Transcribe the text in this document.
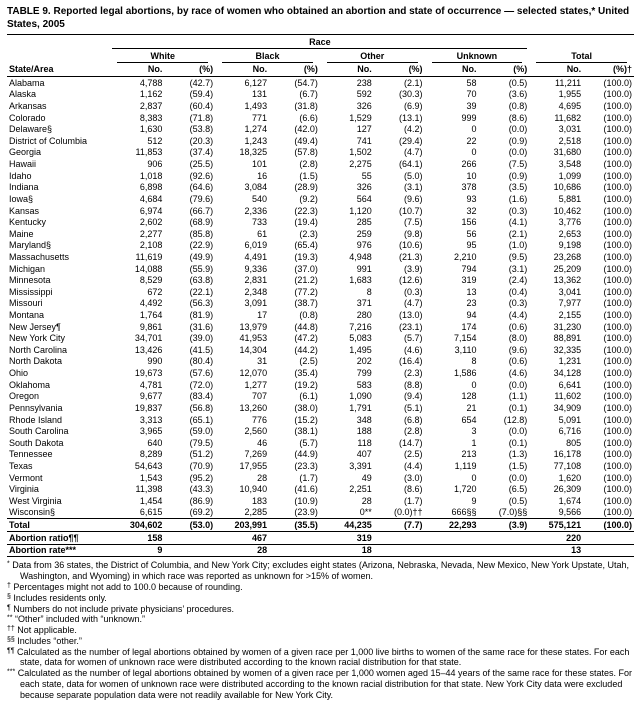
TABLE 9. Reported legal abortions, by race of women who obtained an abortion and state of occurrence — selected states,* United States, 2005

	Race									

	White		Black		Other		Unknown		Total	

State/Area	No.	(%)	No.	(%)	No.	(%)	No.	(%)	No.	(%)†
Alabama	4,788	(42.7)	6,127	(54.7)	238	(2.1)	58	(0.5)	11,211	(100.0)
Alaska	1,162	(59.4)	131	(6.7)	592	(30.3)	70	(3.6)	1,955	(100.0)
Arkansas	2,837	(60.4)	1,493	(31.8)	326	(6.9)	39	(0.8)	4,695	(100.0)
Colorado	8,383	(71.8)	771	(6.6)	1,529	(13.1)	999	(8.6)	11,682	(100.0)
Delaware§	1,630	(53.8)	1,274	(42.0)	127	(4.2)	0	(0.0)	3,031	(100.0)
District of Columbia	512	(20.3)	1,243	(49.4)	741	(29.4)	22	(0.9)	2,518	(100.0)
Georgia	11,853	(37.4)	18,325	(57.8)	1,502	(4.7)	0	(0.0)	31,680	(100.0)
Hawaii	906	(25.5)	101	(2.8)	2,275	(64.1)	266	(7.5)	3,548	(100.0)
Idaho	1,018	(92.6)	16	(1.5)	55	(5.0)	10	(0.9)	1,099	(100.0)
Indiana	6,898	(64.6)	3,084	(28.9)	326	(3.1)	378	(3.5)	10,686	(100.0)
Iowa§	4,684	(79.6)	540	(9.2)	564	(9.6)	93	(1.6)	5,881	(100.0)
Kansas	6,974	(66.7)	2,336	(22.3)	1,120	(10.7)	32	(0.3)	10,462	(100.0)
Kentucky	2,602	(68.9)	733	(19.4)	285	(7.5)	156	(4.1)	3,776	(100.0)
Maine	2,277	(85.8)	61	(2.3)	259	(9.8)	56	(2.1)	2,653	(100.0)
Maryland§	2,108	(22.9)	6,019	(65.4)	976	(10.6)	95	(1.0)	9,198	(100.0)
Massachusetts	11,619	(49.9)	4,491	(19.3)	4,948	(21.3)	2,210	(9.5)	23,268	(100.0)
Michigan	14,088	(55.9)	9,336	(37.0)	991	(3.9)	794	(3.1)	25,209	(100.0)
Minnesota	8,529	(63.8)	2,831	(21.2)	1,683	(12.6)	319	(2.4)	13,362	(100.0)
Mississippi	672	(22.1)	2,348	(77.2)	8	(0.3)	13	(0.4)	3,041	(100.0)
Missouri	4,492	(56.3)	3,091	(38.7)	371	(4.7)	23	(0.3)	7,977	(100.0)
Montana	1,764	(81.9)	17	(0.8)	280	(13.0)	94	(4.4)	2,155	(100.0)
New Jersey¶	9,861	(31.6)	13,979	(44.8)	7,216	(23.1)	174	(0.6)	31,230	(100.0)
New York City	34,701	(39.0)	41,953	(47.2)	5,083	(5.7)	7,154	(8.0)	88,891	(100.0)
North Carolina	13,426	(41.5)	14,304	(44.2)	1,495	(4.6)	3,110	(9.6)	32,335	(100.0)
North Dakota	990	(80.4)	31	(2.5)	202	(16.4)	8	(0.6)	1,231	(100.0)
Ohio	19,673	(57.6)	12,070	(35.4)	799	(2.3)	1,586	(4.6)	34,128	(100.0)
Oklahoma	4,781	(72.0)	1,277	(19.2)	583	(8.8)	0	(0.0)	6,641	(100.0)
Oregon	9,677	(83.4)	707	(6.1)	1,090	(9.4)	128	(1.1)	11,602	(100.0)
Pennsylvania	19,837	(56.8)	13,260	(38.0)	1,791	(5.1)	21	(0.1)	34,909	(100.0)
Rhode Island	3,313	(65.1)	776	(15.2)	348	(6.8)	654	(12.8)	5,091	(100.0)
South Carolina	3,965	(59.0)	2,560	(38.1)	188	(2.8)	3	(0.0)	6,716	(100.0)
South Dakota	640	(79.5)	46	(5.7)	118	(14.7)	1	(0.1)	805	(100.0)
Tennessee	8,289	(51.2)	7,269	(44.9)	407	(2.5)	213	(1.3)	16,178	(100.0)
Texas	54,643	(70.9)	17,955	(23.3)	3,391	(4.4)	1,119	(1.5)	77,108	(100.0)
Vermont	1,543	(95.2)	28	(1.7)	49	(3.0)	0	(0.0)	1,620	(100.0)
Virginia	11,398	(43.3)	10,940	(41.6)	2,251	(8.6)	1,720	(6.5)	26,309	(100.0)
West Virginia	1,454	(86.9)	183	(10.9)	28	(1.7)	9	(0.5)	1,674	(100.0)
Wisconsin§	6,615	(69.2)	2,285	(23.9)	0**	(0.0)††	666§§	(7.0)§§	9,566	(100.0)
Total	304,602	(53.0)	203,991	(35.5)	44,235	(7.7)	22,293	(3.9)	575,121	(100.0)
Abortion ratio¶¶	158		467		319				220	
Abortion rate***	9		28		18				13	
* Data from 36 states, the District of Columbia, and New York City; excludes eight states (Arizona, Nebraska, Nevada, New Mexico, New York Upstate, Utah, Washington, and Wyoming) in which race was reported as unknown for >15% of women.
† Percentages might not add to 100.0 because of rounding.
§ Includes residents only.
¶ Numbers do not include private physicians’ procedures.
** “Other” included with “unknown.”
†† Not applicable.
§§ Includes “other.”
¶¶ Calculated as the number of legal abortions obtained by women of a given race per 1,000 live births to women of the same race for these states. For each state, data for women of unknown race were distributed according to the known racial distribution for that state.
*** Calculated as the number of legal abortions obtained by women of a given race per 1,000 women aged 15–44 years of the same race for these states. For each state, data for women of unknown race were distributed according to the known racial distribution for that state. New York City data were excluded because separate population data were not readily available for New York City.
